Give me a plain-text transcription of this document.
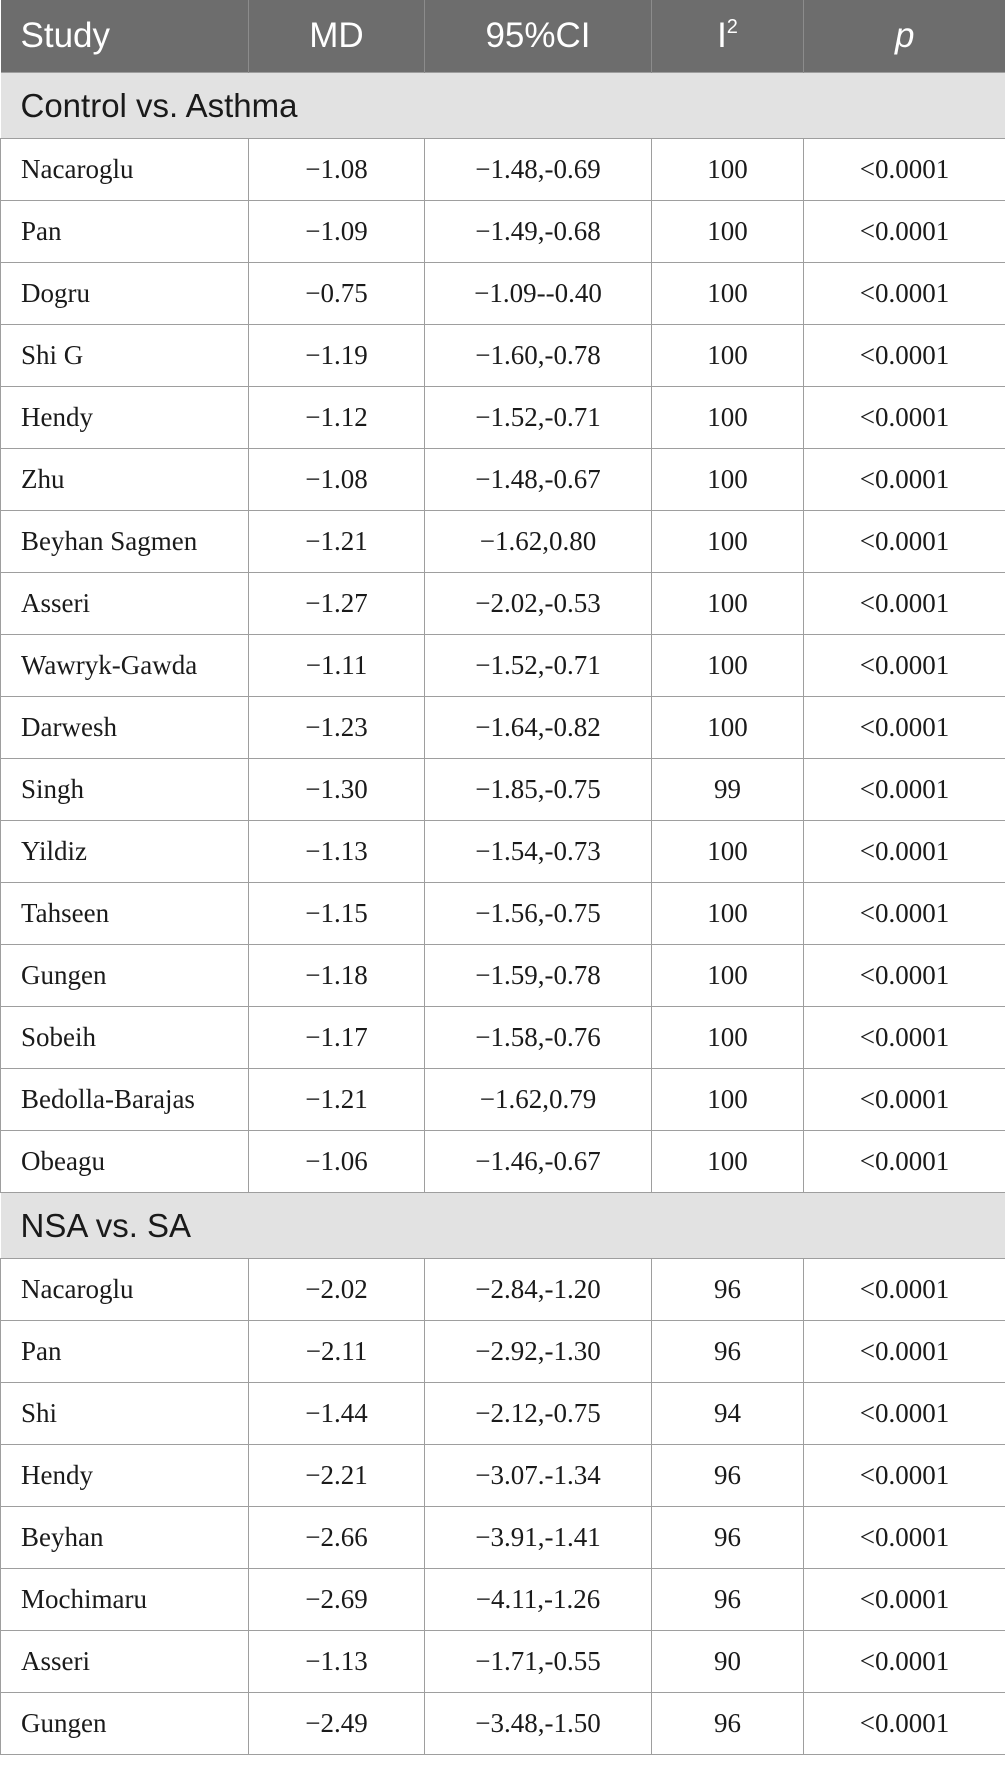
Study	MD	95%CI	$I^2$	p
Control vs. Asthma				
Nacaroglu	−1.08	−1.48,-0.69	100	<0.0001
Pan	−1.09	−1.49,-0.68	100	<0.0001
Dogru	−0.75	−1.09--0.40	100	<0.0001
Shi G	−1.19	−1.60,-0.78	100	<0.0001
Hendy	−1.12	−1.52,-0.71	100	<0.0001
Zhu	−1.08	−1.48,-0.67	100	<0.0001
Beyhan Sagmen	−1.21	−1.62,0.80	100	<0.0001
Asseri	−1.27	−2.02,-0.53	100	<0.0001
Wawryk-Gawda	−1.11	−1.52,-0.71	100	<0.0001
Darwesh	−1.23	−1.64,-0.82	100	<0.0001
Singh	−1.30	−1.85,-0.75	99	<0.0001
Yildiz	−1.13	−1.54,-0.73	100	<0.0001
Tahseen	−1.15	−1.56,-0.75	100	<0.0001
Gungen	−1.18	−1.59,-0.78	100	<0.0001
Sobeih	−1.17	−1.58,-0.76	100	<0.0001
Bedolla-Barajas	−1.21	−1.62,0.79	100	<0.0001
Obeagu	−1.06	−1.46,-0.67	100	<0.0001
NSA vs. SA				
Nacaroglu	−2.02	−2.84,-1.20	96	<0.0001
Pan	−2.11	−2.92,-1.30	96	<0.0001
Shi	−1.44	−2.12,-0.75	94	<0.0001
Hendy	−2.21	−3.07.-1.34	96	<0.0001
Beyhan	−2.66	−3.91,-1.41	96	<0.0001
Mochimaru	−2.69	−4.11,-1.26	96	<0.0001
Asseri	−1.13	−1.71,-0.55	90	<0.0001
Gungen	−2.49	−3.48,-1.50	96	<0.0001
